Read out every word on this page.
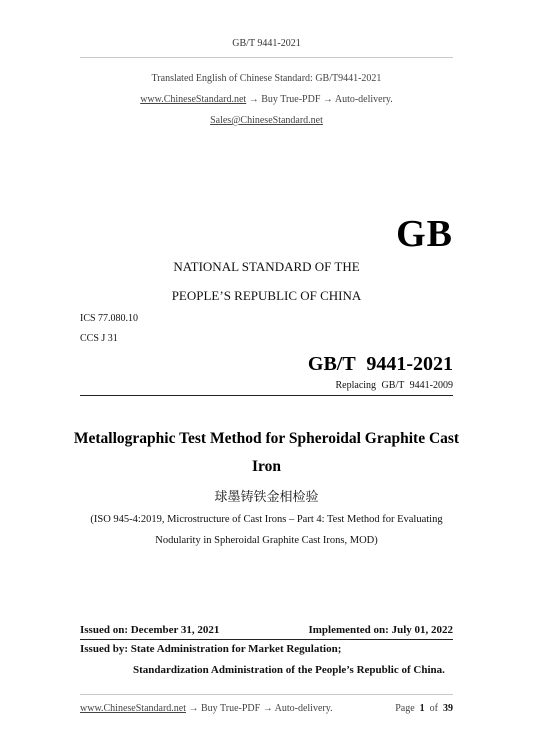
GB/T 9441-2021
Translated English of Chinese Standard: GB/T9441-2021
www.ChineseStandard.net → Buy True-PDF → Auto-delivery.
Sales@ChineseStandard.net
GB
NATIONAL STANDARD OF THE
PEOPLE’S REPUBLIC OF CHINA
ICS 77.080.10
CCS J 31
GB/T 9441-2021
Replacing GB/T 9441-2009
Metallographic Test Method for Spheroidal Graphite Cast
Iron
球墨铸铁金相检验
(ISO 945-4:2019, Microstructure of Cast Irons – Part 4: Test Method for Evaluating
Nodularity in Spheroidal Graphite Cast Irons, MOD)
Issued on: December 31, 2021	Implemented on: July 01, 2022
Issued by: State Administration for Market Regulation;
Standardization Administration of the People’s Republic of China.
www.ChineseStandard.net → Buy True-PDF → Auto-delivery.	Page 1 of 39
